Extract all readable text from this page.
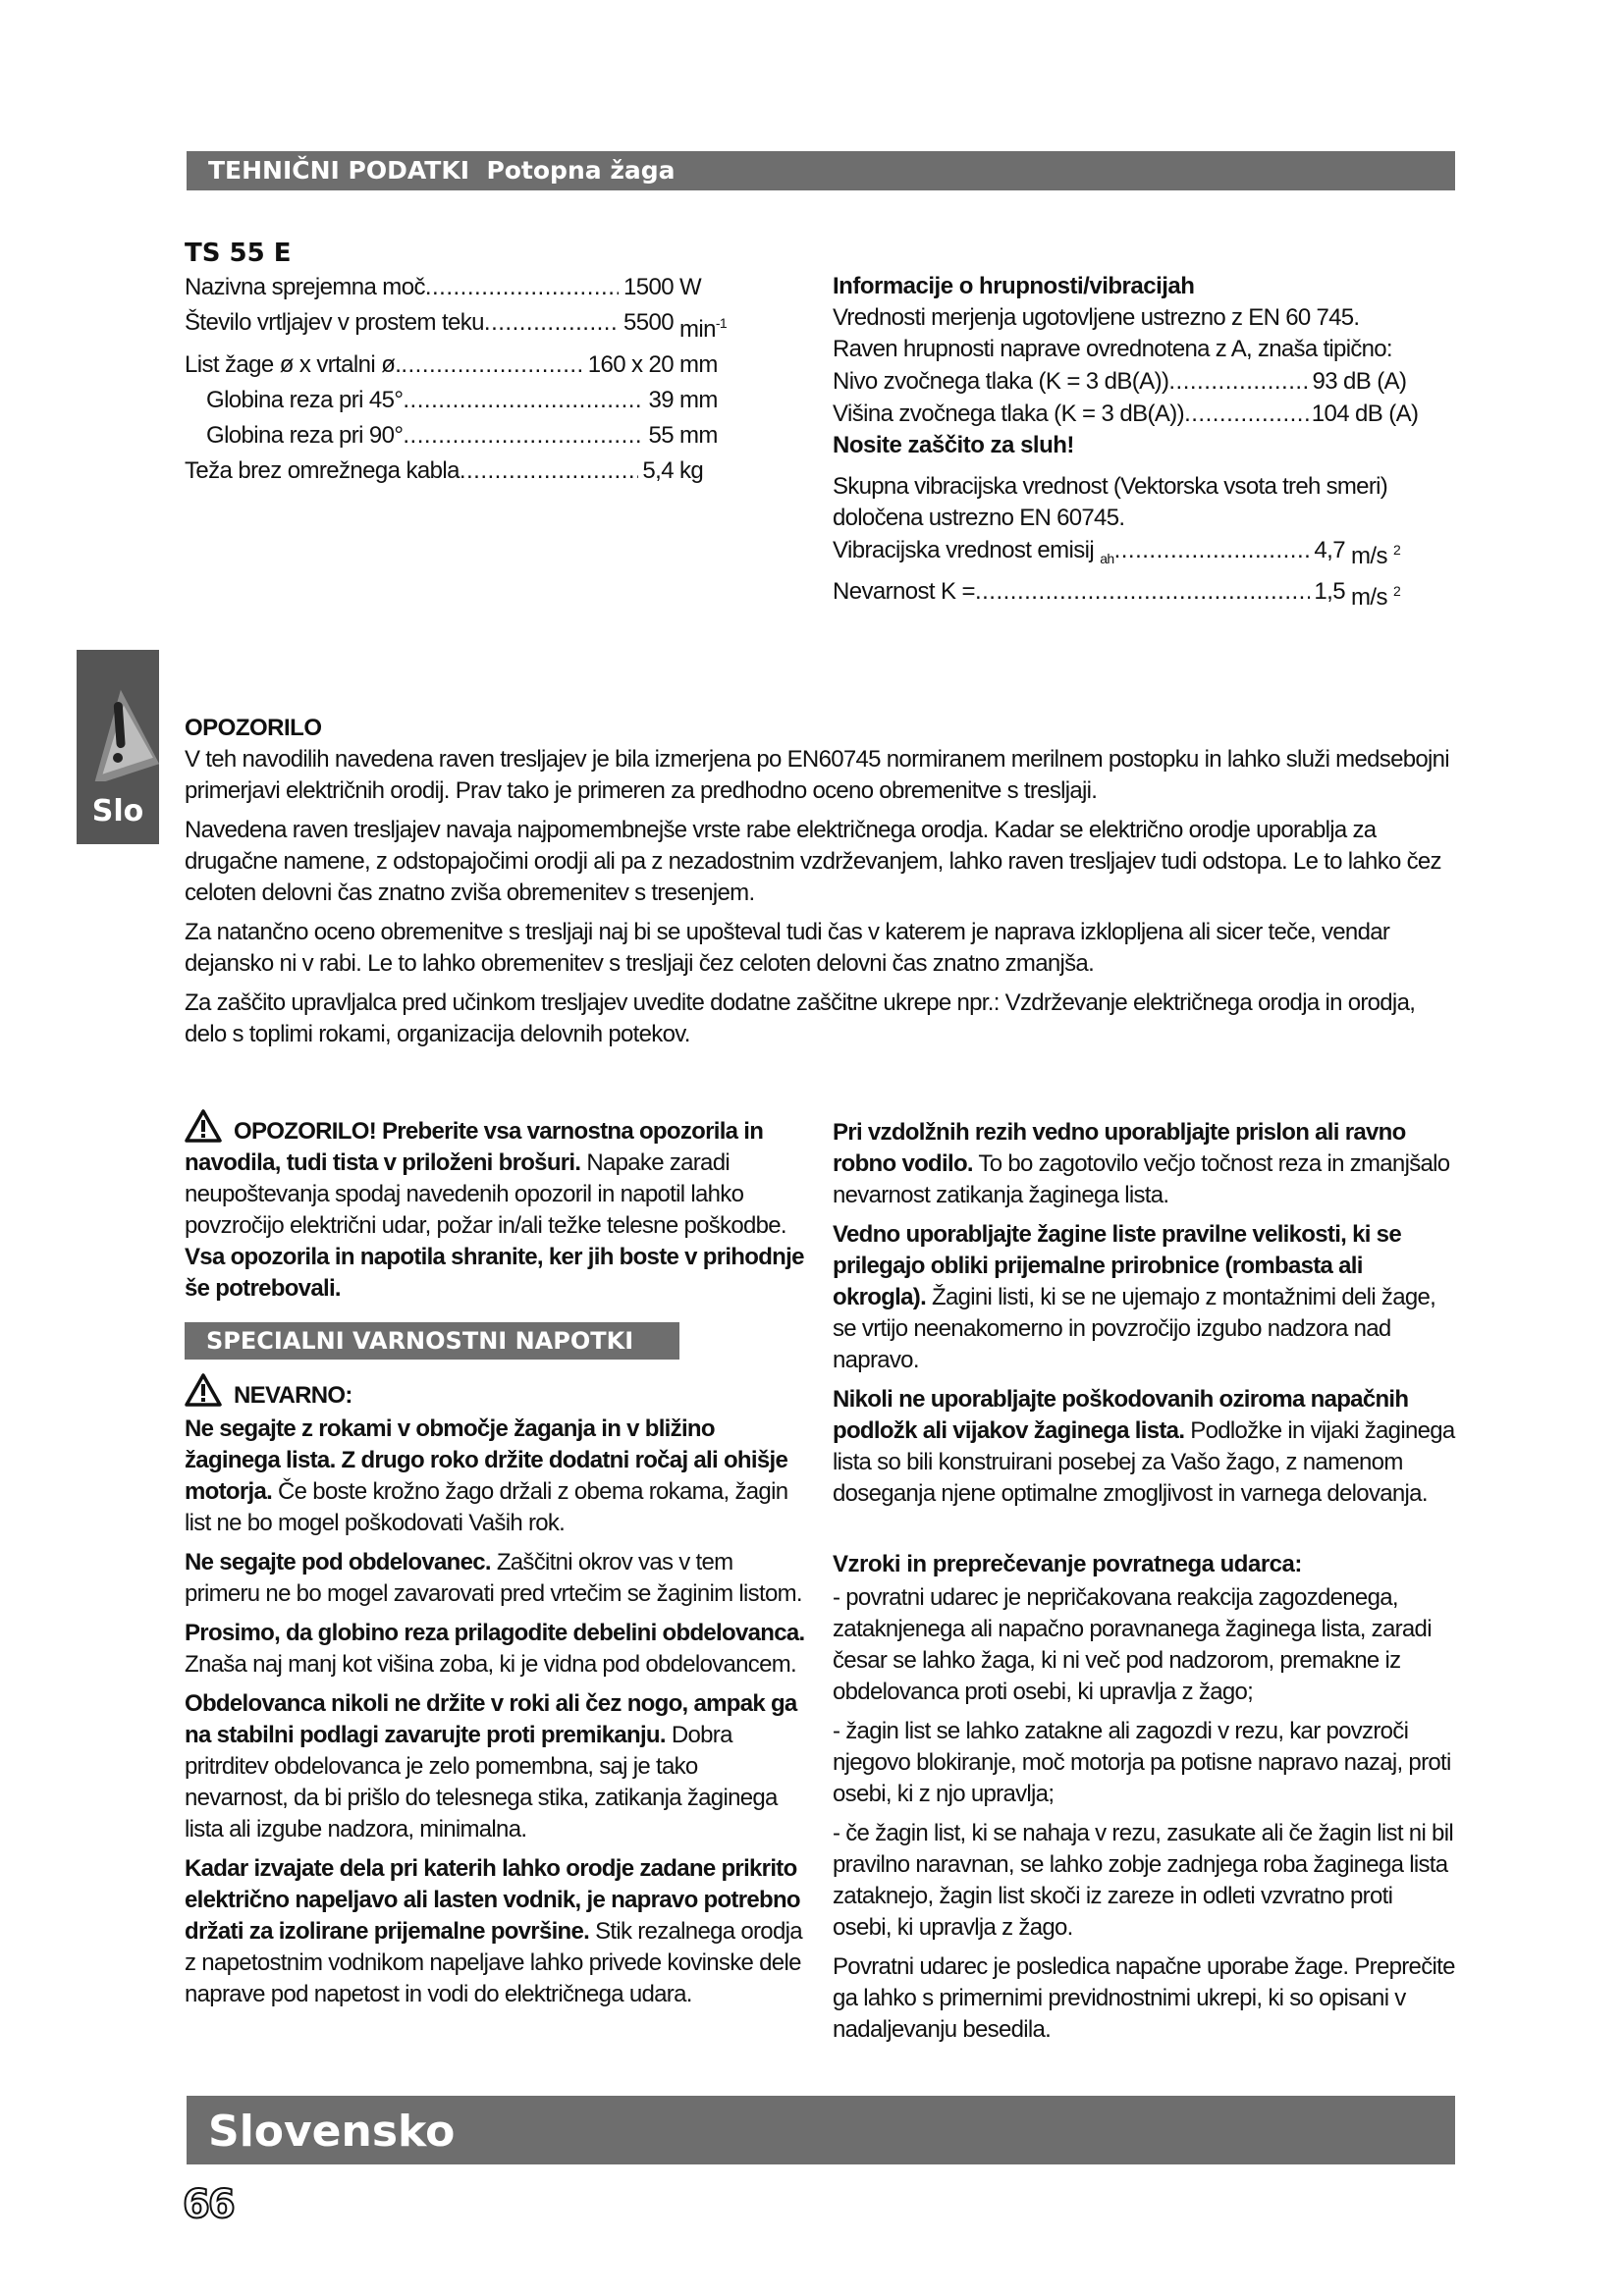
TEHNIČNI PODATKI Potopna žaga
TS 55 E
Nazivna sprejemna moč .....	1500 W
Število vrtljajev v prostem teku .....	5500 $\min^{-1}$
List žage ø x vrtalni ø. .....	160 x 20 mm
Globina reza pri 45° .....	39 mm
Globina reza pri 90° .....	55 mm
Teža brez omrežnega kabla .....	5,4 kg
Informacije o hrupnosti/vibracijah

Vrednosti merjenja ugotovljene ustrezno z EN 60 745.

Raven hrupnosti naprave ovrednotena z A, znaša tipično:

Nivo zvočnega tlaka (K = 3 dB(A)) .....	93 dB (A)
Višina zvočnega tlaka (K = 3 dB(A)) .....	104 dB (A)
Nosite zaščito za sluh!

Skupna vibracijska vrednost (Vektorska vsota treh smeri) določena ustrezno EN 60745.

Vibracijska vrednost emisij $_{ah}$ .....	4,7 m/s $^2$
Nevarnost K = .....	1,5 m/s $^2$
Slo
OPOZORILO

V teh navodilih navedena raven tresljajev je bila izmerjena po EN60745 normiranem merilnem postopku in lahko služi medsebojni primerjavi električnih orodij. Prav tako je primeren za predhodno oceno obremenitve s tresljaji.

Navedena raven tresljajev navaja najpomembnejše vrste rabe električnega orodja. Kadar se električno orodje uporablja za drugačne namene, z odstopajočimi orodji ali pa z nezadostnim vzdrževanjem, lahko raven tresljajev tudi odstopa. Le to lahko čez celoten delovni čas znatno zviša obremenitev s tresenjem.

Za natančno oceno obremenitve s tresljaji naj bi se upošteval tudi čas v katerem je naprava izklopljena ali sicer teče, vendar dejansko ni v rabi. Le to lahko obremenitev s tresljaji čez celoten delovni čas znatno zmanjša.

Za zaščito upravljalca pred učinkom tresljajev uvedite dodatne zaščitne ukrepe npr.: Vzdrževanje električnega orodja in orodja, delo s toplimi rokami, organizacija delovnih potekov.

OPOZORILO! Preberite vsa varnostna opozorila in navodila, tudi tista v priloženi brošuri. Napake zaradi neupoštevanja spodaj navedenih opozoril in napotil lahko povzročijo električni udar, požar in/ali težke telesne poškodbe.

Vsa opozorila in napotila shranite, ker jih boste v prihodnje še potrebovali.

SPECIALNI VARNOSTNI NAPOTKI

NEVARNO:

Ne segajte z rokami v območje žaganja in v bližino žaginega lista. Z drugo roko držite dodatni ročaj ali ohišje motorja. Če boste krožno žago držali z obema rokama, žagin list ne bo mogel poškodovati Vaših rok.

Ne segajte pod obdelovanec. Zaščitni okrov vas v tem primeru ne bo mogel zavarovati pred vrtečim se žaginim listom.

Prosimo, da globino reza prilagodite debelini obdelovanca. Znaša naj manj kot višina zoba, ki je vidna pod obdelovancem.

Obdelovanca nikoli ne držite v roki ali čez nogo, ampak ga na stabilni podlagi zavarujte proti premikanju. Dobra pritrditev obdelovanca je zelo pomembna, saj je tako nevarnost, da bi prišlo do telesnega stika, zatikanja žaginega lista ali izgube nadzora, minimalna.

Kadar izvajate dela pri katerih lahko orodje zadane prikrito električno napeljavo ali lasten vodnik, je napravo potrebno držati za izolirane prijemalne površine. Stik rezalnega orodja z napetostnim vodnikom napeljave lahko privede kovinske dele naprave pod napetost in vodi do električnega udara.

Pri vzdolžnih rezih vedno uporabljajte prislon ali ravno robno vodilo. To bo zagotovilo večjo točnost reza in zmanjšalo nevarnost zatikanja žaginega lista.

Vedno uporabljajte žagine liste pravilne velikosti, ki se prilegajo obliki prijemalne prirobnice (rombasta ali okrogla). Žagini listi, ki se ne ujemajo z montažnimi deli žage, se vrtijo neenakomerno in povzročijo izgubo nadzora nad napravo.

Nikoli ne uporabljajte poškodovanih oziroma napačnih podložk ali vijakov žaginega lista. Podložke in vijaki žaginega lista so bili konstruirani posebej za Vašo žago, z namenom doseganja njene optimalne zmogljivost in varnega delovanja.

Vzroki in preprečevanje povratnega udarca:

- povratni udarec je nepričakovana reakcija zagozdenega, zataknjenega ali napačno poravnanega žaginega lista, zaradi česar se lahko žaga, ki ni več pod nadzorom, premakne iz obdelovanca proti osebi, ki upravlja z žago;

- žagin list se lahko zatakne ali zagozdi v rezu, kar povzroči njegovo blokiranje, moč motorja pa potisne napravo nazaj, proti osebi, ki z njo upravlja;

- če žagin list, ki se nahaja v rezu, zasukate ali če žagin list ni bil pravilno naravnan, se lahko zobje zadnjega roba žaginega lista zataknejo, žagin list skoči iz zareze in odleti vzvratno proti osebi, ki upravlja z žago.

Povratni udarec je posledica napačne uporabe žage. Preprečite ga lahko s primernimi previdnostnimi ukrepi, ki so opisani v nadaljevanju besedila.

Slovensko
66
